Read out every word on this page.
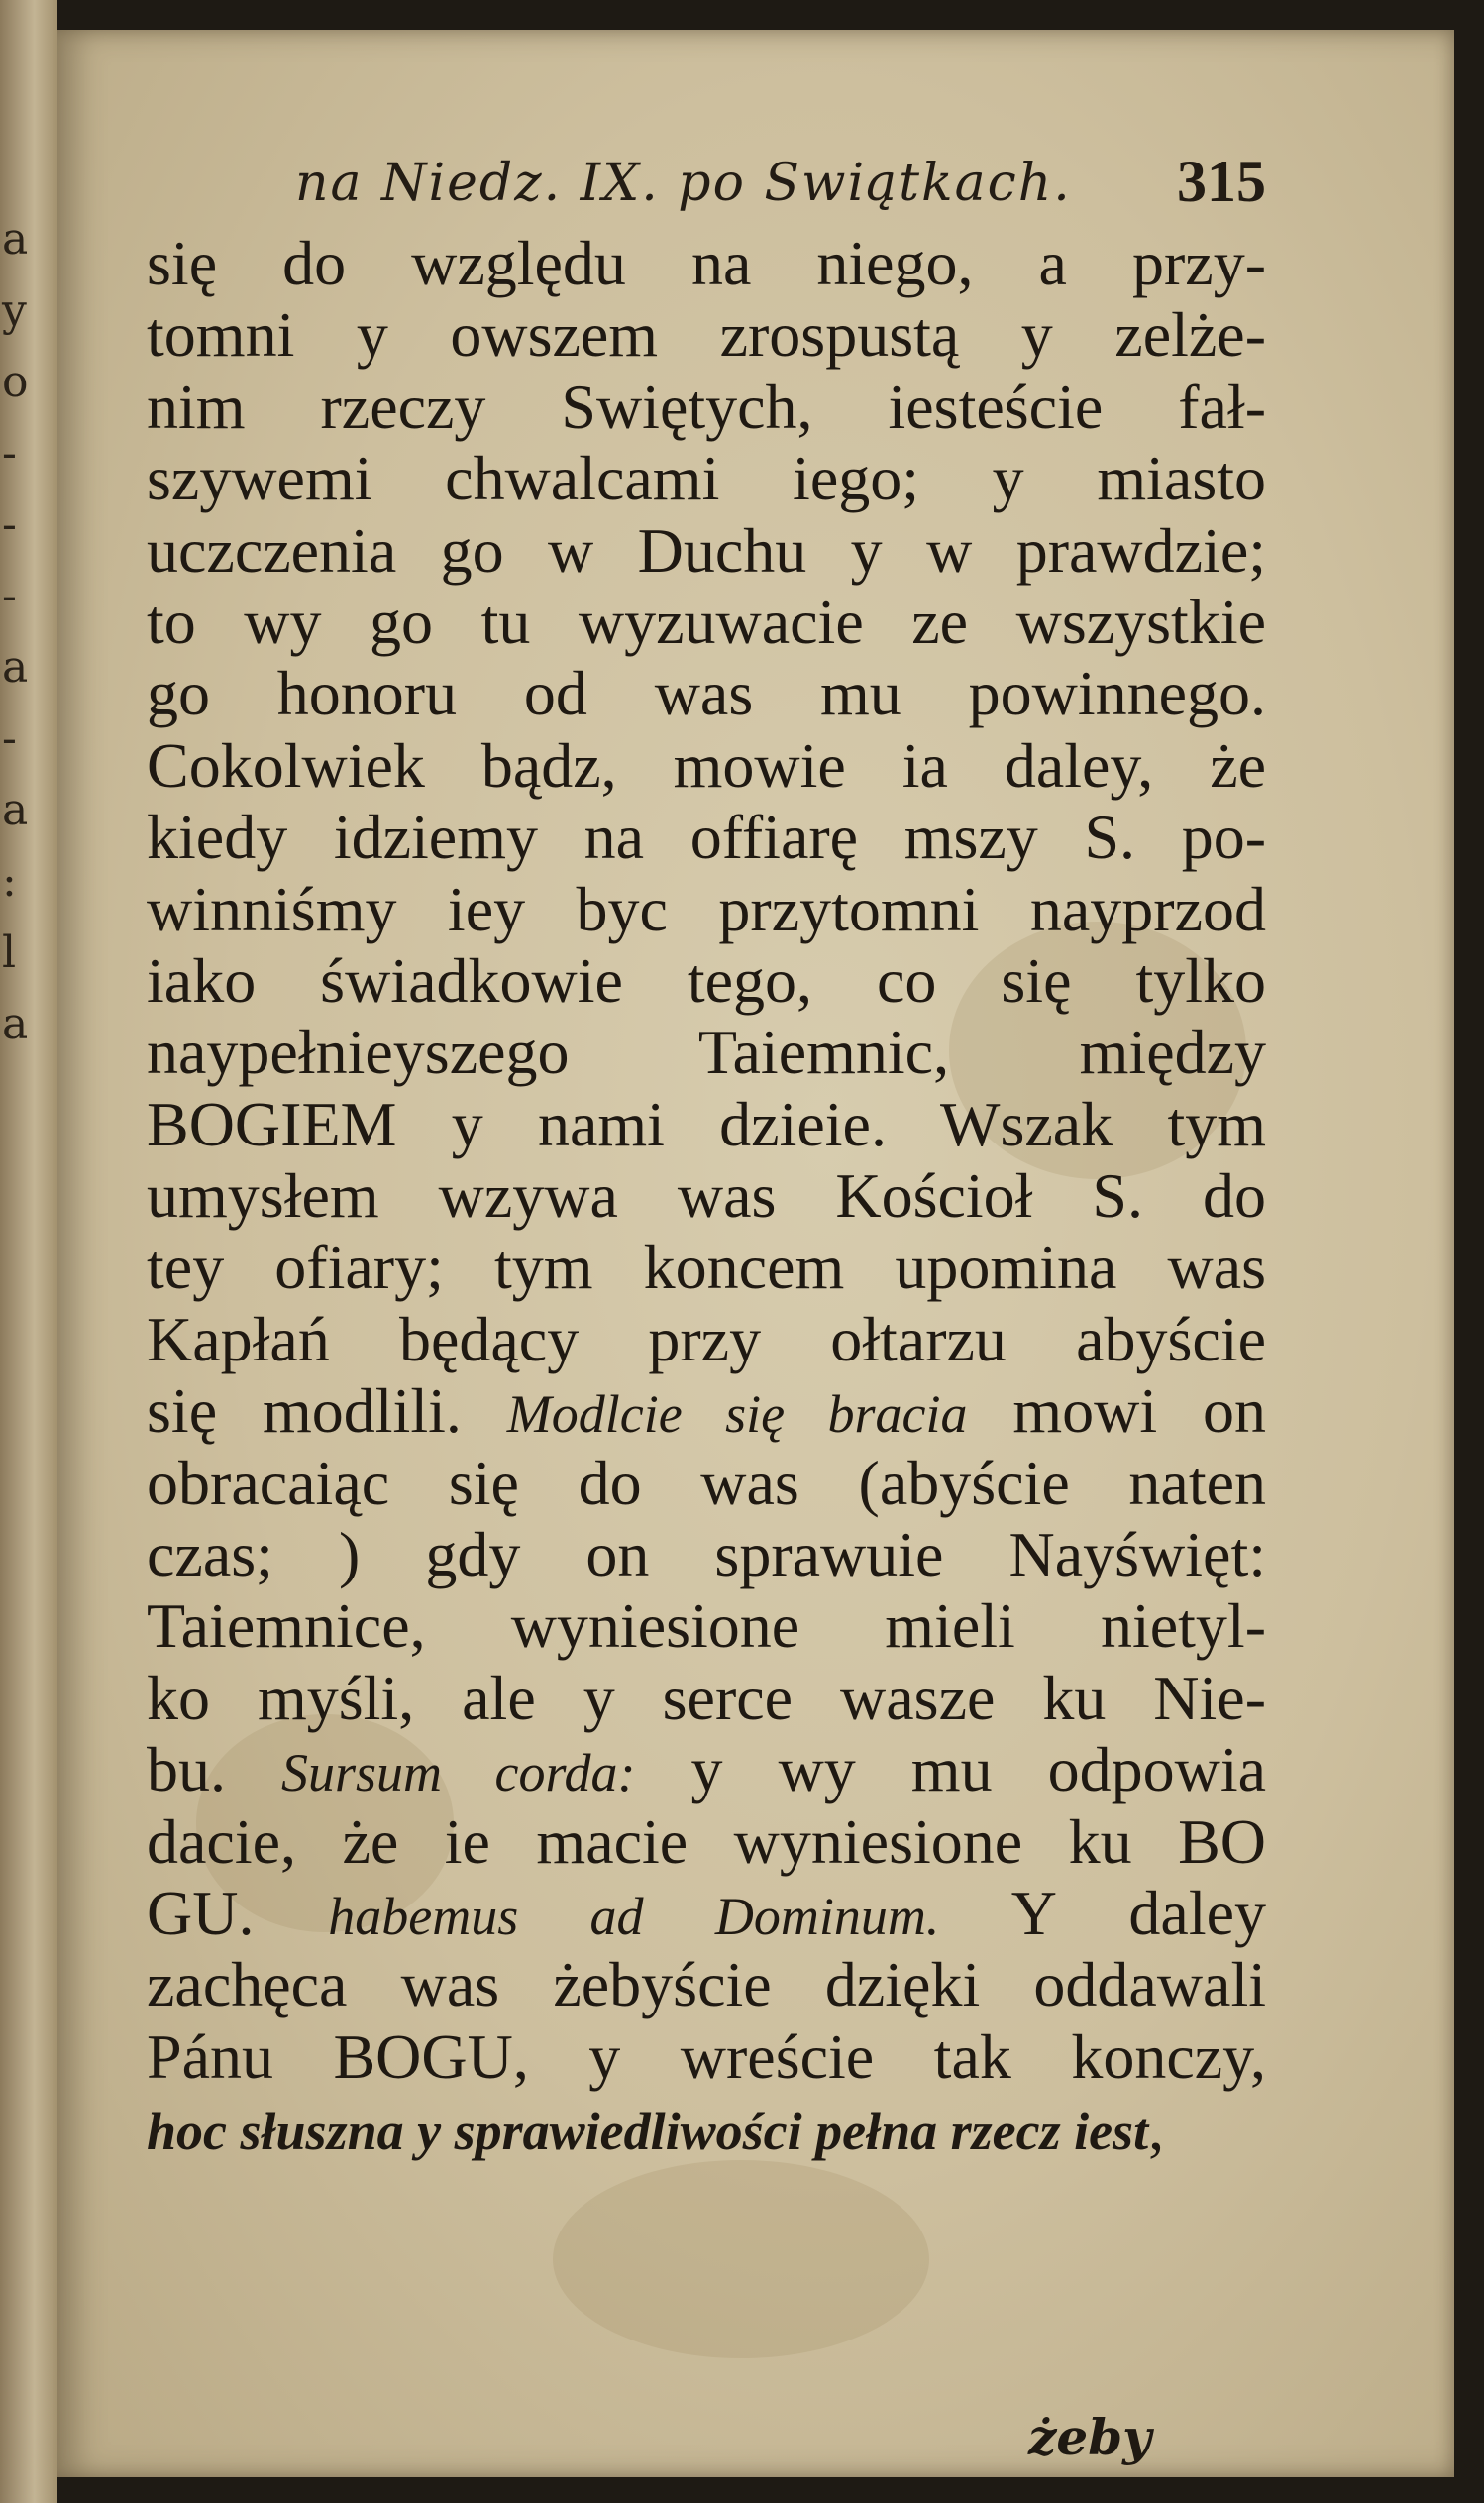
a
y
o
-
-
-
a
-
a
:
l
a
na Niedz. IX. po Swiątkach. 315
się do względu na niego, a przy-
tomni y owszem zrospustą y zelże-
nim rzeczy Swiętych, iesteście fał-
szywemi chwalcami iego; y miasto
uczczenia go w Duchu y w prawdzie;
to wy go tu wyzuwacie ze wszystkie
go honoru od was mu powinnego.
Cokolwiek bądz, mowie ia daley, że
kiedy idziemy na offiarę mszy S. po-
winniśmy iey byc przytomni nayprzod
iako świadkowie tego, co się tylko
naypełnieyszego Taiemnic, między
BOGIEM y nami dzieie. Wszak tym
umysłem wzywa was Kościoł S. do
tey ofiary; tym koncem upomina was
Kapłań będący przy ołtarzu abyście
się modlili. Modlcie się bracia mowi on
obracaiąc się do was (abyście naten
czas; ) gdy on sprawuie Nayświęt:
Taiemnice, wyniesione mieli nietyl-
ko myśli, ale y serce wasze ku Nie-
bu. Sursum corda: y wy mu odpowia
dacie, że ie macie wyniesione ku BO
GU. habemus ad Dominum. Y daley
zachęca was żebyście dzięki oddawali
Pánu BOGU, y wreście tak konczy,
hoc słuszna y sprawiedliwości pełna rzecz iest,
żeby
